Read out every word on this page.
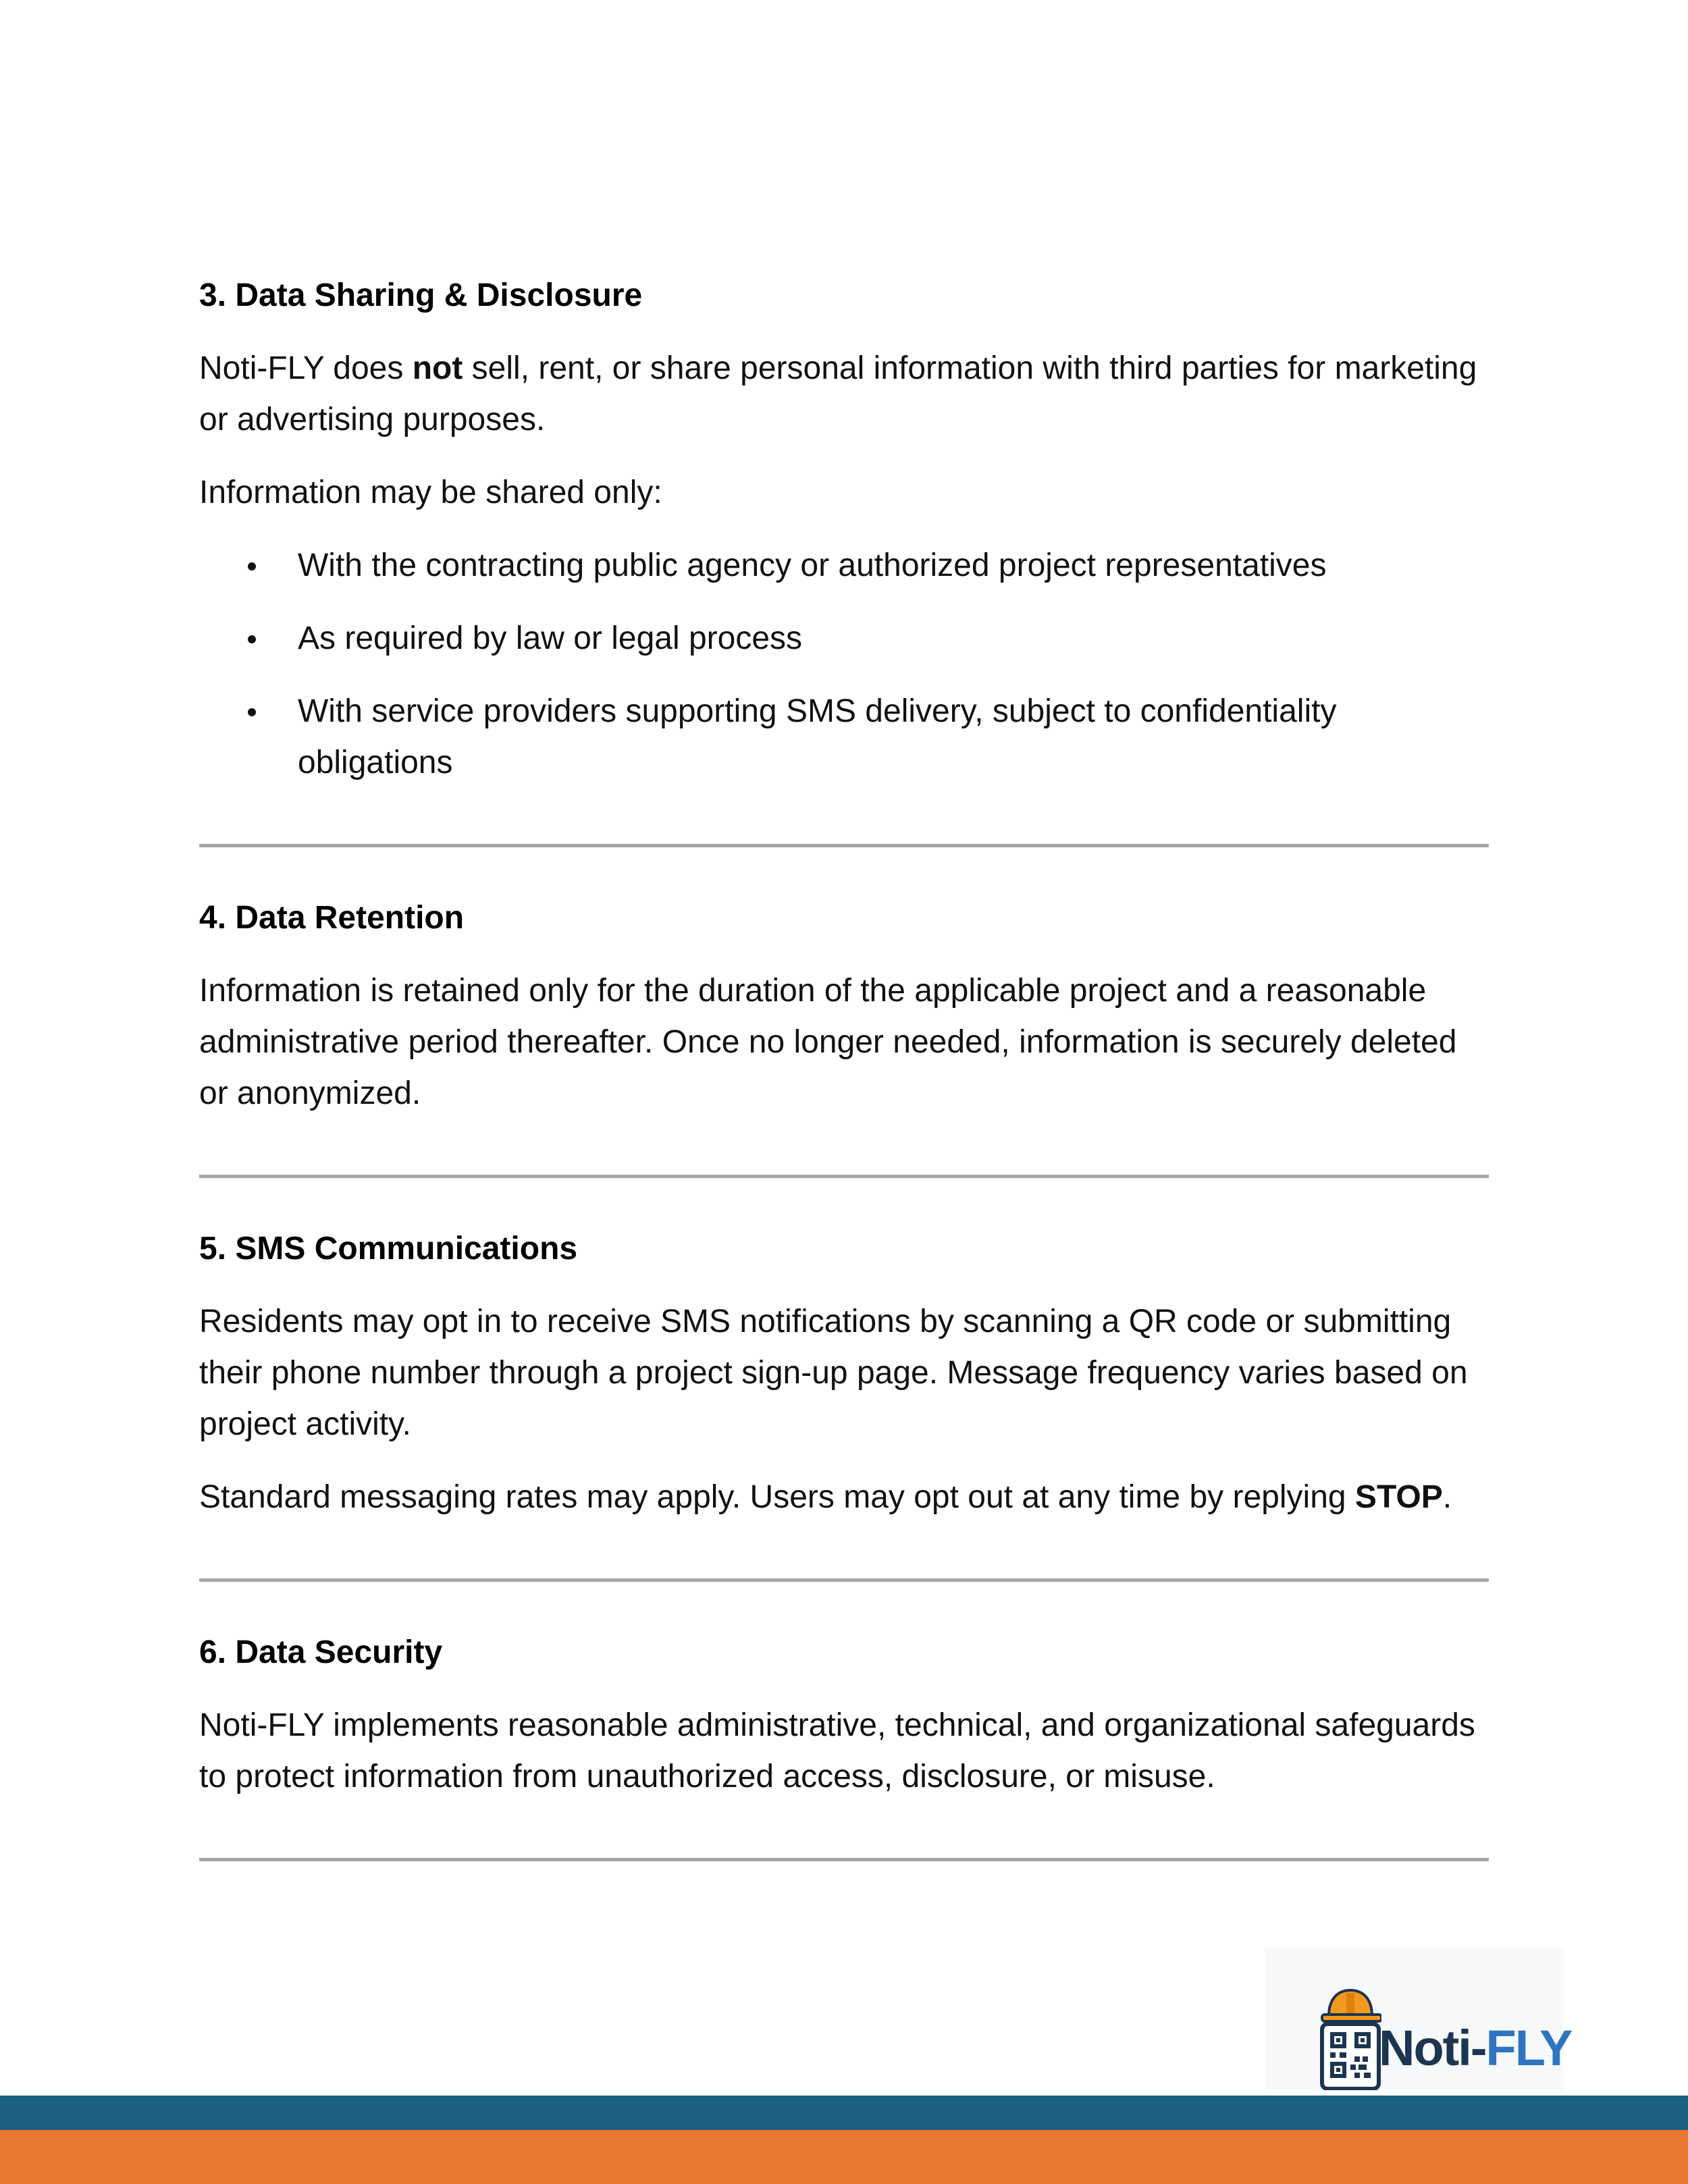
3. Data Sharing & Disclosure

Noti-FLY does not sell, rent, or share personal information with third parties for marketing or advertising purposes.

Information may be shared only:

With the contracting public agency or authorized project representatives
As required by law or legal process
With service providers supporting SMS delivery, subject to confidentiality obligations
4. Data Retention

Information is retained only for the duration of the applicable project and a reasonable administrative period thereafter. Once no longer needed, information is securely deleted or anonymized.

5. SMS Communications

Residents may opt in to receive SMS notifications by scanning a QR code or submitting their phone number through a project sign-up page. Message frequency varies based on project activity.

Standard messaging rates may apply. Users may opt out at any time by replying STOP.

6. Data Security

Noti-FLY implements reasonable administrative, technical, and organizational safeguards to protect information from unauthorized access, disclosure, or misuse.

Noti-FLY
